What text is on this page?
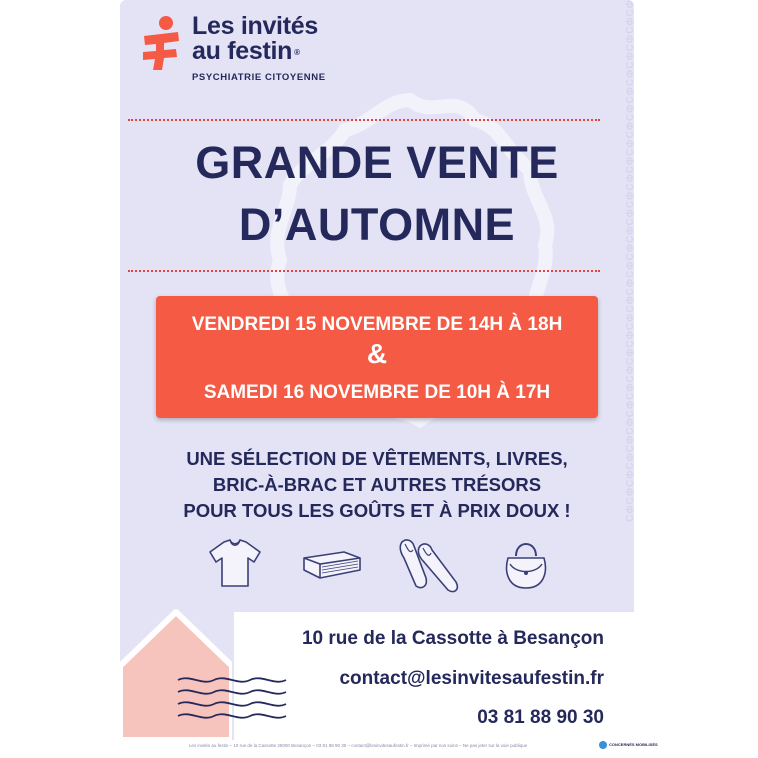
ΦƆΦƆΦƆΦƆΦƆΦƆΦƆΦƆΦƆΦƆΦƆΦƆΦƆΦƆΦƆΦƆΦƆΦƆΦƆΦƆΦƆΦƆΦƆΦƆΦƆΦƆΦƆΦƆΦƆΦƆ
Les invités
au festin ®
PSYCHIATRIE CITOYENNE
GRANDE VENTE
D’AUTOMNE
VENDREDI 15 NOVEMBRE DE 14H À 18H
&
SAMEDI 16 NOVEMBRE DE 10H À 17H
UNE SÉLECTION DE VÊTEMENTS, LIVRES,
BRIC-À-BRAC ET AUTRES TRÉSORS
POUR TOUS LES GOÛTS ET À PRIX DOUX !
10 rue de la Cassotte à Besançon
contact@lesinvitesaufestin.fr
03 81 88 90 30
Les invités au festin – 10 rue de la Cassotte 25000 Besançon – 03 81 88 90 30 – contact@lesinvitesaufestin.fr – Imprimé par nos soins – Ne pas jeter sur la voie publique	CONCERNÉS MOBILISÉS
